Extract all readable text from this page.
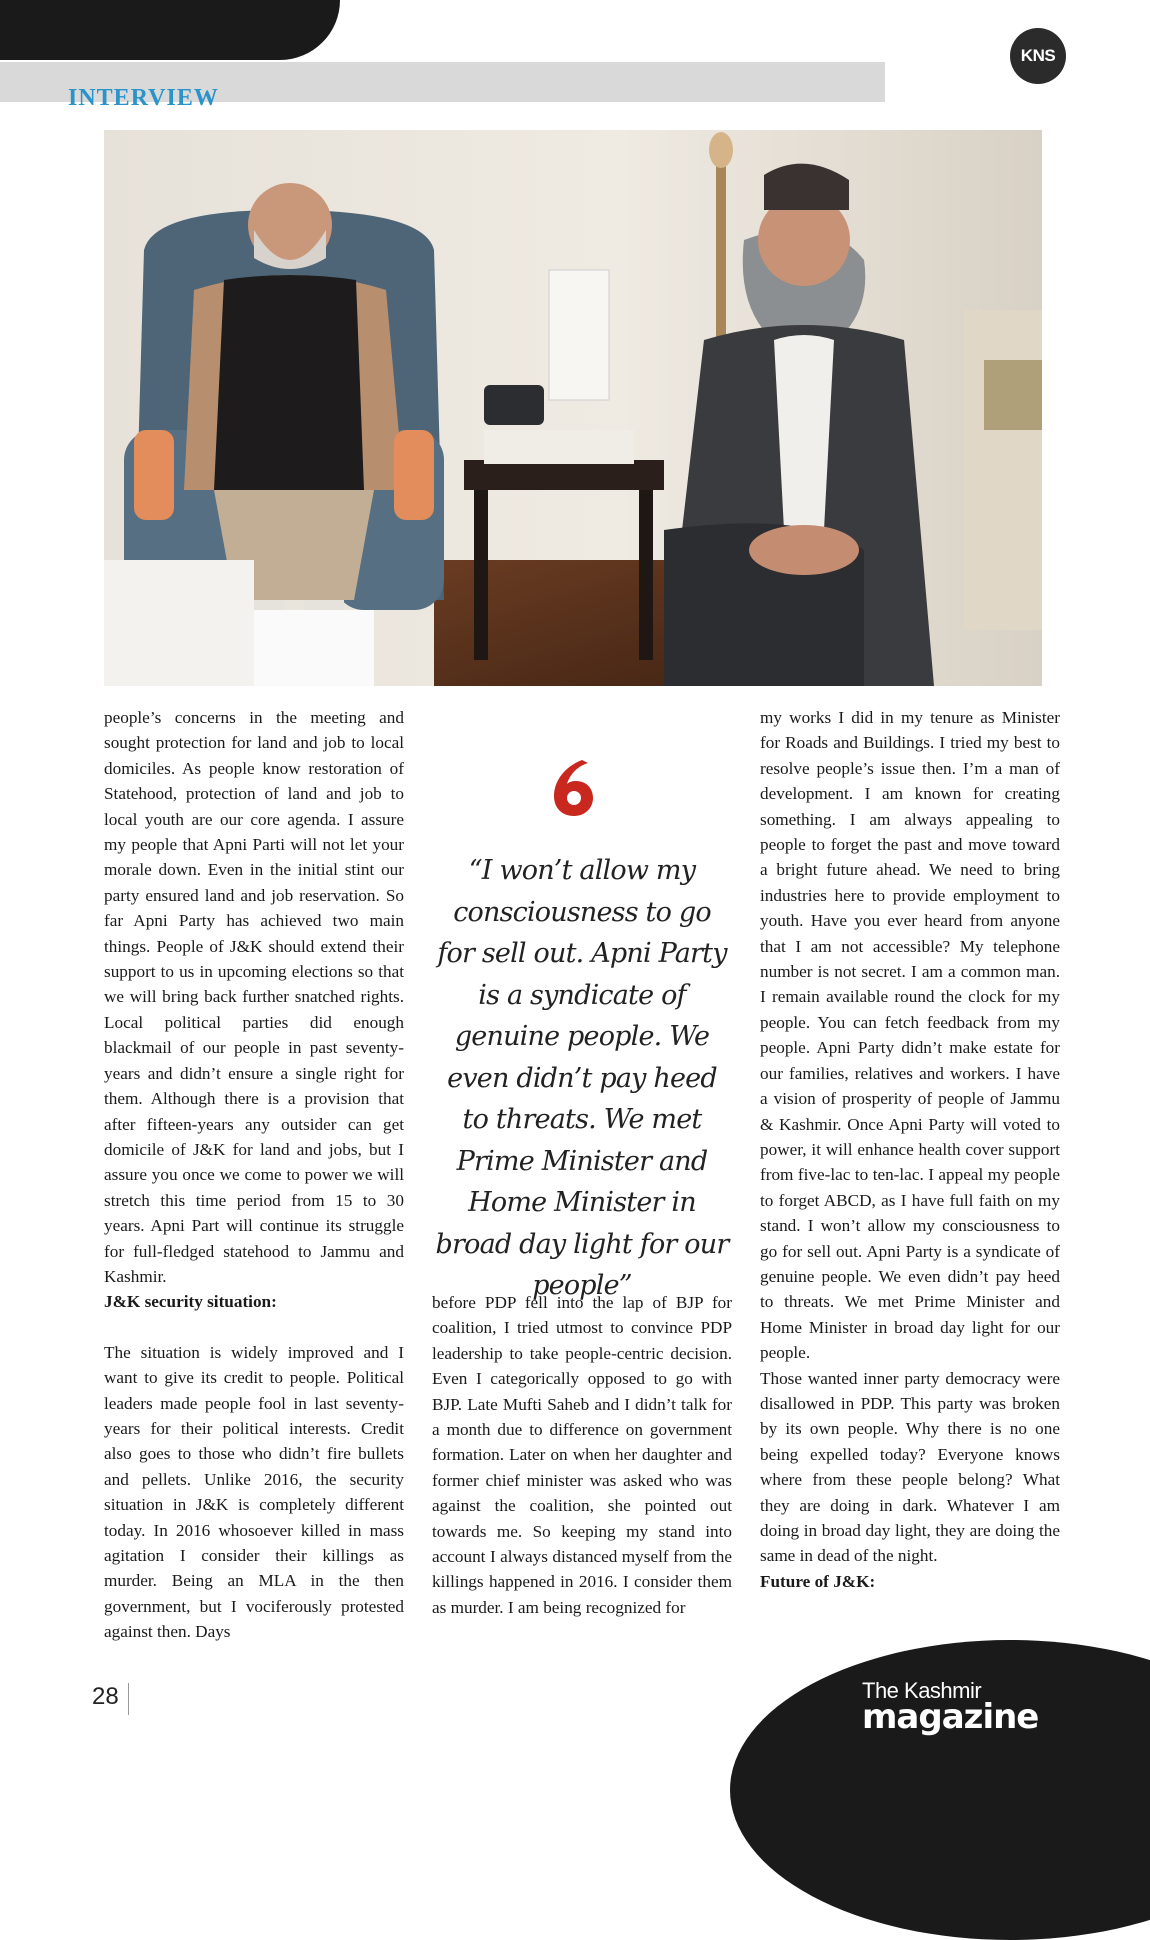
INTERVIEW
KNS

people’s concerns in the meeting and sought protection for land and job to local domiciles. As people know restoration of Statehood, protection of land and job to local youth are our core agenda. I assure my people that Apni Parti will not let your morale down. Even in the initial stint our party ensured land and job reservation. So far Apni Party has achieved two main things. People of J&K should extend their support to us in upcoming elections so that we will bring back further snatched rights. Local political parties did enough blackmail of our people in past seventy-years and didn’t ensure a single right for them. Although there is a provision that after fifteen-years any outsider can get domicile of J&K for land and jobs, but I assure you once we come to power we will stretch this time period from 15 to 30 years. Apni Part will continue its struggle for full-fledged statehood to Jammu and Kashmir.

J&K security situation:

The situation is widely improved and I want to give its credit to people. Political leaders made people fool in last seventy-years for their political interests. Credit also goes to those who didn’t fire bullets and pellets. Unlike 2016, the security situation in J&K is completely different today. In 2016 whosoever killed in mass agitation I consider their killings as murder. Being an MLA in the then government, but I vociferously protested against then. Days

“I won’t allow my consciousness to go for sell out. Apni Party is a syndicate of genuine people. We even didn’t pay heed to threats. We met Prime Minister and Home Minister in broad day light for our people”

before PDP fell into the lap of BJP for coalition, I tried utmost to convince PDP leadership to take people-centric decision. Even I categorically opposed to go with BJP. Late Mufti Saheb and I didn’t talk for a month due to difference on government formation. Later on when her daughter and former chief minister was asked who was against the coalition, she pointed out towards me. So keeping my stand into account I always distanced myself from the killings happened in 2016. I consider them as murder. I am being recognized for

my works I did in my tenure as Minister for Roads and Buildings. I tried my best to resolve people’s issue then. I’m a man of development. I am known for creating something. I am always appealing to people to forget the past and move toward a bright future ahead. We need to bring industries here to provide employment to youth. Have you ever heard from anyone that I am not accessible? My telephone number is not secret. I am a common man. I remain available round the clock for my people. You can fetch feedback from my people. Apni Party didn’t make estate for our families, relatives and workers. I have a vision of prosperity of people of Jammu & Kashmir. Once Apni Party will voted to power, it will enhance health cover support from five-lac to ten-lac. I appeal my people to forget ABCD, as I have full faith on my stand. I won’t allow my consciousness to go for sell out. Apni Party is a syndicate of genuine people. We even didn’t pay heed to threats. We met Prime Minister and Home Minister in broad day light for our people.

Those wanted inner party democracy were disallowed in PDP. This party was broken by its own people. Why there is no one being expelled today? Everyone knows where from these people belong? What they are doing in dark. Whatever I am doing in broad day light, they are doing the same in dead of the night.

Future of J&K:

28	The Kashmir
magazine
